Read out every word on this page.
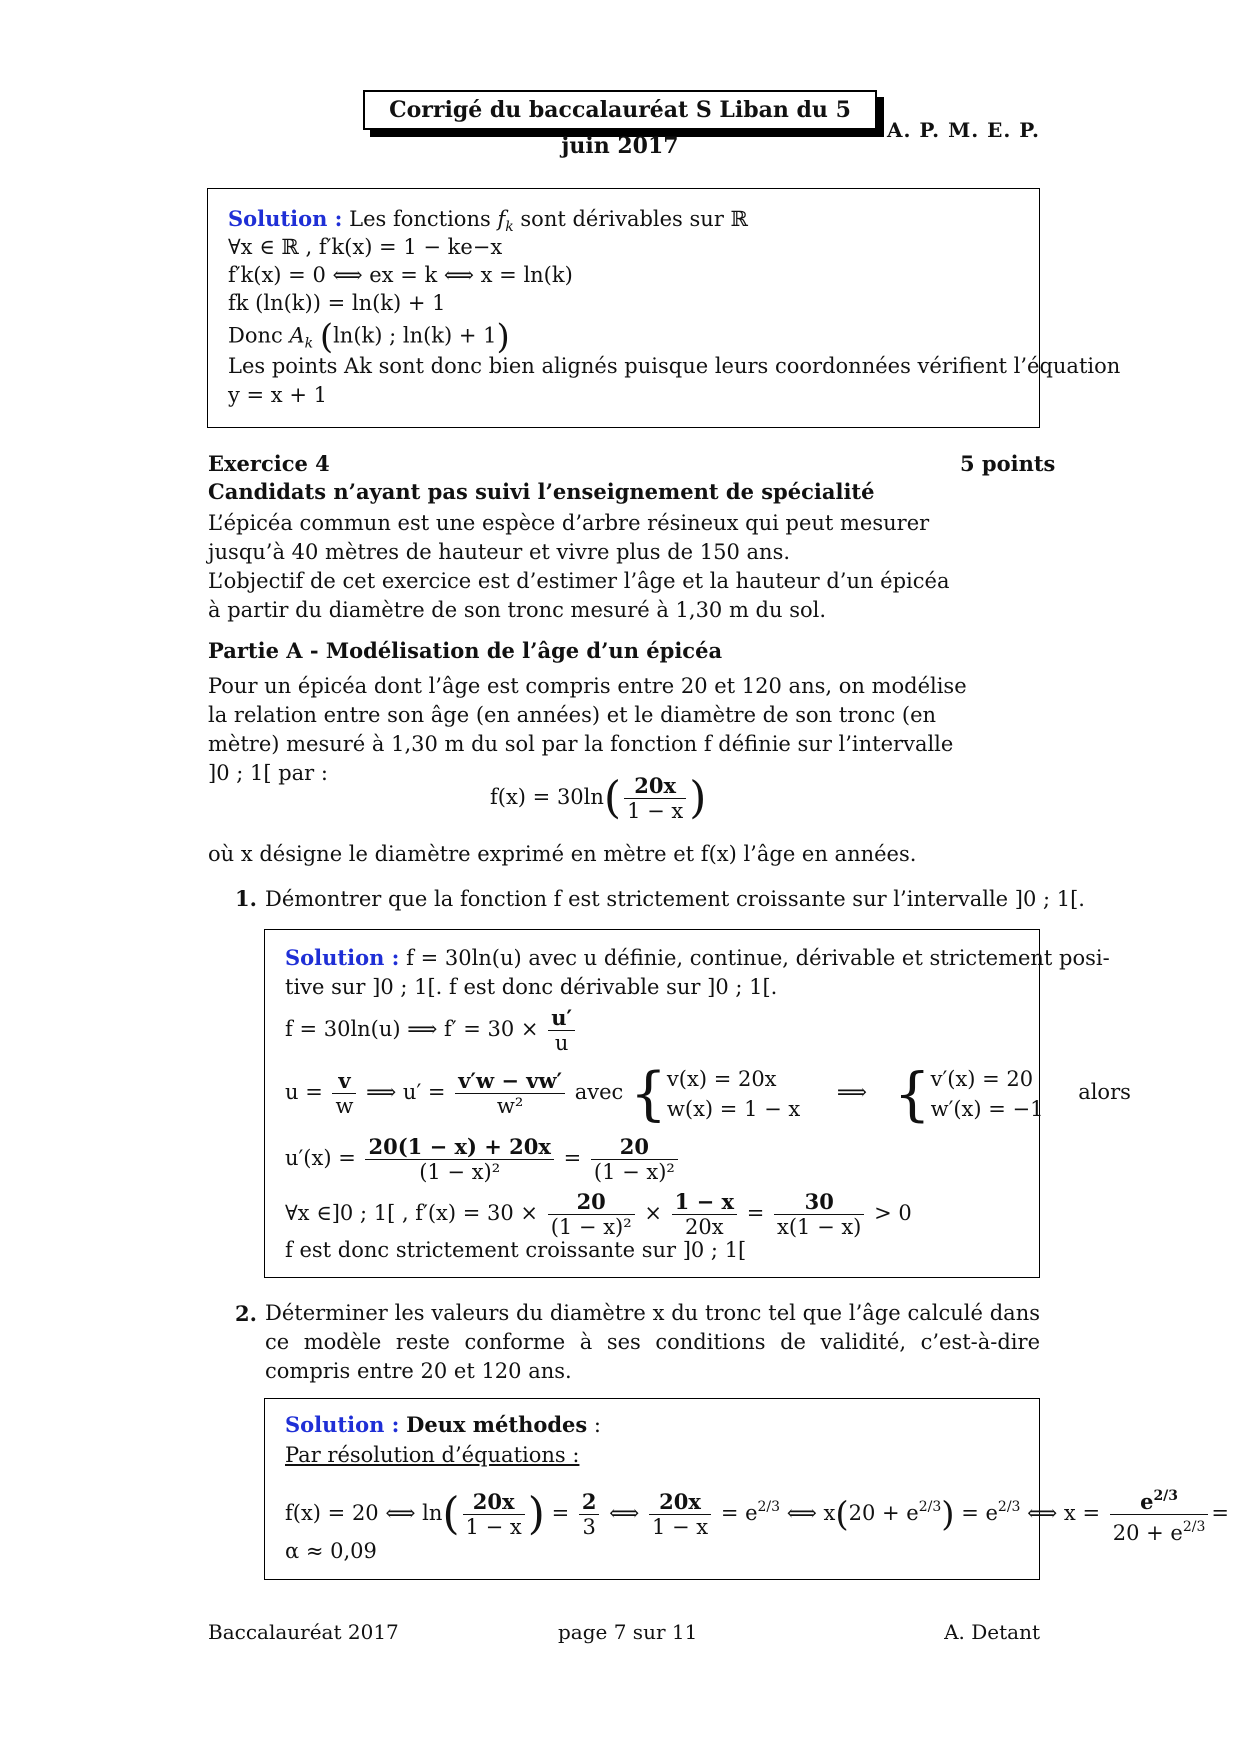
Corrigé du baccalauréat S Liban du 5 juin 2017
A. P. M. E. P.
Solution : Les fonctions $f_k$ sont dérivables sur ℝ
∀x ∈ ℝ , f′k(x) = 1 − ke−x
f′k(x) = 0 ⟺ ex = k ⟺ x = ln(k)
fk (ln(k)) = ln(k) + 1
Donc $A_k$ (ln(k) ; ln(k) + 1)
Les points Ak sont donc bien alignés puisque leurs coordonnées vérifient l’équation
y = x + 1
Exercice 4	5 points
Candidats n’ayant pas suivi l’enseignement de spécialité
L’épicéa commun est une espèce d’arbre résineux qui peut mesurer jusqu’à 40 mètres de hauteur et vivre plus de 150 ans.
L’objectif de cet exercice est d’estimer l’âge et la hauteur d’un épicéa à partir du diamètre de son tronc mesuré à 1,30 m du sol.
Partie A - Modélisation de l’âge d’un épicéa
Pour un épicéa dont l’âge est compris entre 20 et 120 ans, on modélise la relation entre son âge (en années) et le diamètre de son tronc (en mètre) mesuré à 1,30 m du sol par la fonction f définie sur l’intervalle ]0 ; 1[ par :
$f(x) = 30\ln( \frac{20x}{1 - x}$ )
où x désigne le diamètre exprimé en mètre et f(x) l’âge en années.
1. Démontrer que la fonction f est strictement croissante sur l’intervalle ]0 ; 1[.
Solution : f = 30ln(u) avec u définie, continue, dérivable et strictement posi-
tive sur ]0 ; 1[. f est donc dérivable sur ]0 ; 1[.
f = 30ln(u) ⟹ $f' = 30 \times \frac{u'}{u}$
$u = \frac{v}{w}$ ⟹ $u' = \frac{v'w - vw'}{\text{w²}}$ avec { v(x) = 20x
w(x) = 1 − x
⟹ { v′(x) = 20
w′(x) = −1
alors
$u'(x) = \frac{20(1 - x) + 20x}{\text{(1 − x)²}} = \frac{20}{\text{(1 − x)²}}$
∀x ∈]0 ; 1[ , $f'(x) = 30 \times \frac{20}{\text{(1 − x)²}} \times \frac{1 - x}{20x} = \frac{30}{x(1 - x)} > 0$
f est donc strictement croissante sur ]0 ; 1[
2. Déterminer les valeurs du diamètre x du tronc tel que l’âge calculé dans ce modèle reste conforme à ses conditions de validité, c’est-à-dire compris entre 20 et 120 ans.
Solution : Deux méthodes :
Par résolution d’équations :
f(x) = 20 ⟺ $\ln( \frac{20x}{1 - x}$ ) = $\frac{2}{3}$ ⟺ $\frac{20x}{1 - x} = e^{2/3}$ ⟺ $x(20 + e^{2/3}) = e^{2/3}$ ⟺ $x = \frac{e^{2/3}}{20 + e^{2/3}}$ =
α ≈ 0,09
Baccalauréat 2017	page 7 sur 11	A. Detant
